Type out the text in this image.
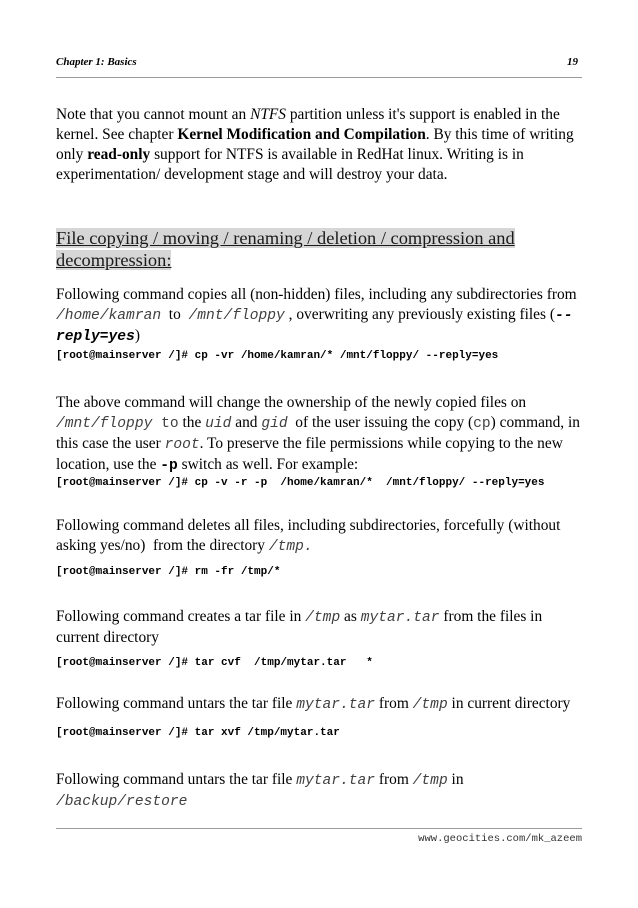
Chapter 1: Basics	19

Note that you cannot mount an NTFS partition unless it's support is enabled in the kernel. See chapter Kernel Modification and Compilation. By this time of writing only read-only support for NTFS is available in RedHat linux. Writing is in experimentation/ development stage and will destroy your data.

File copying / moving / renaming / deletion / compression and
decompression:

Following command copies all (non-hidden) files, including any subdirectories from /home/kamran  to  /mnt/floppy , overwriting any previously existing files (--reply=yes)

[root@mainserver /]# cp -vr /home/kamran/* /mnt/floppy/ --reply=yes

The above command will change the ownership of the newly copied files on /mnt/floppy to the uid and gid  of the user issuing the copy (cp) command, in this case the user root. To preserve the file permissions while copying to the new location, use the -p switch as well. For example:

[root@mainserver /]# cp -v -r -p  /home/kamran/*  /mnt/floppy/ --reply=yes

Following command deletes all files, including subdirectories, forcefully (without asking yes/no)  from the directory /tmp.

[root@mainserver /]# rm -fr /tmp/*

Following command creates a tar file in /tmp as mytar.tar from the files in current directory

[root@mainserver /]# tar cvf  /tmp/mytar.tar   *

Following command untars the tar file mytar.tar from /tmp in current directory

[root@mainserver /]# tar xvf /tmp/mytar.tar

Following command untars the tar file mytar.tar from /tmp in
/backup/restore

www.geocities.com/mk_azeem
